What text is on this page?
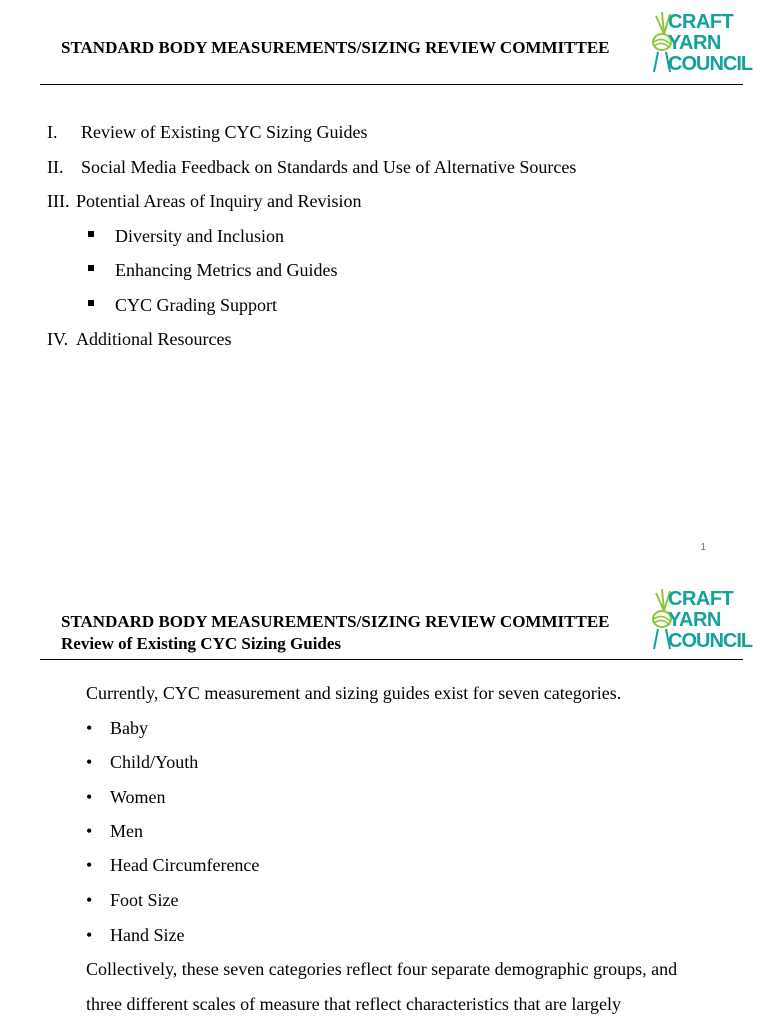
STANDARD BODY MEASUREMENTS/SIZING REVIEW COMMITTEE
CRAFT
YARN
COUNCIL
I. Review of Existing CYC Sizing Guides
II. Social Media Feedback on Standards and Use of Alternative Sources
III. Potential Areas of Inquiry and Revision
Diversity and Inclusion
Enhancing Metrics and Guides
CYC Grading Support
IV. Additional Resources
1
STANDARD BODY MEASUREMENTS/SIZING REVIEW COMMITTEE
Review of Existing CYC Sizing Guides
CRAFT
YARN
COUNCIL
Currently, CYC measurement and sizing guides exist for seven categories.
• Baby
• Child/Youth
• Women
• Men
• Head Circumference
• Foot Size
• Hand Size
Collectively, these seven categories reflect four separate demographic groups, and
three different scales of measure that reflect characteristics that are largely
